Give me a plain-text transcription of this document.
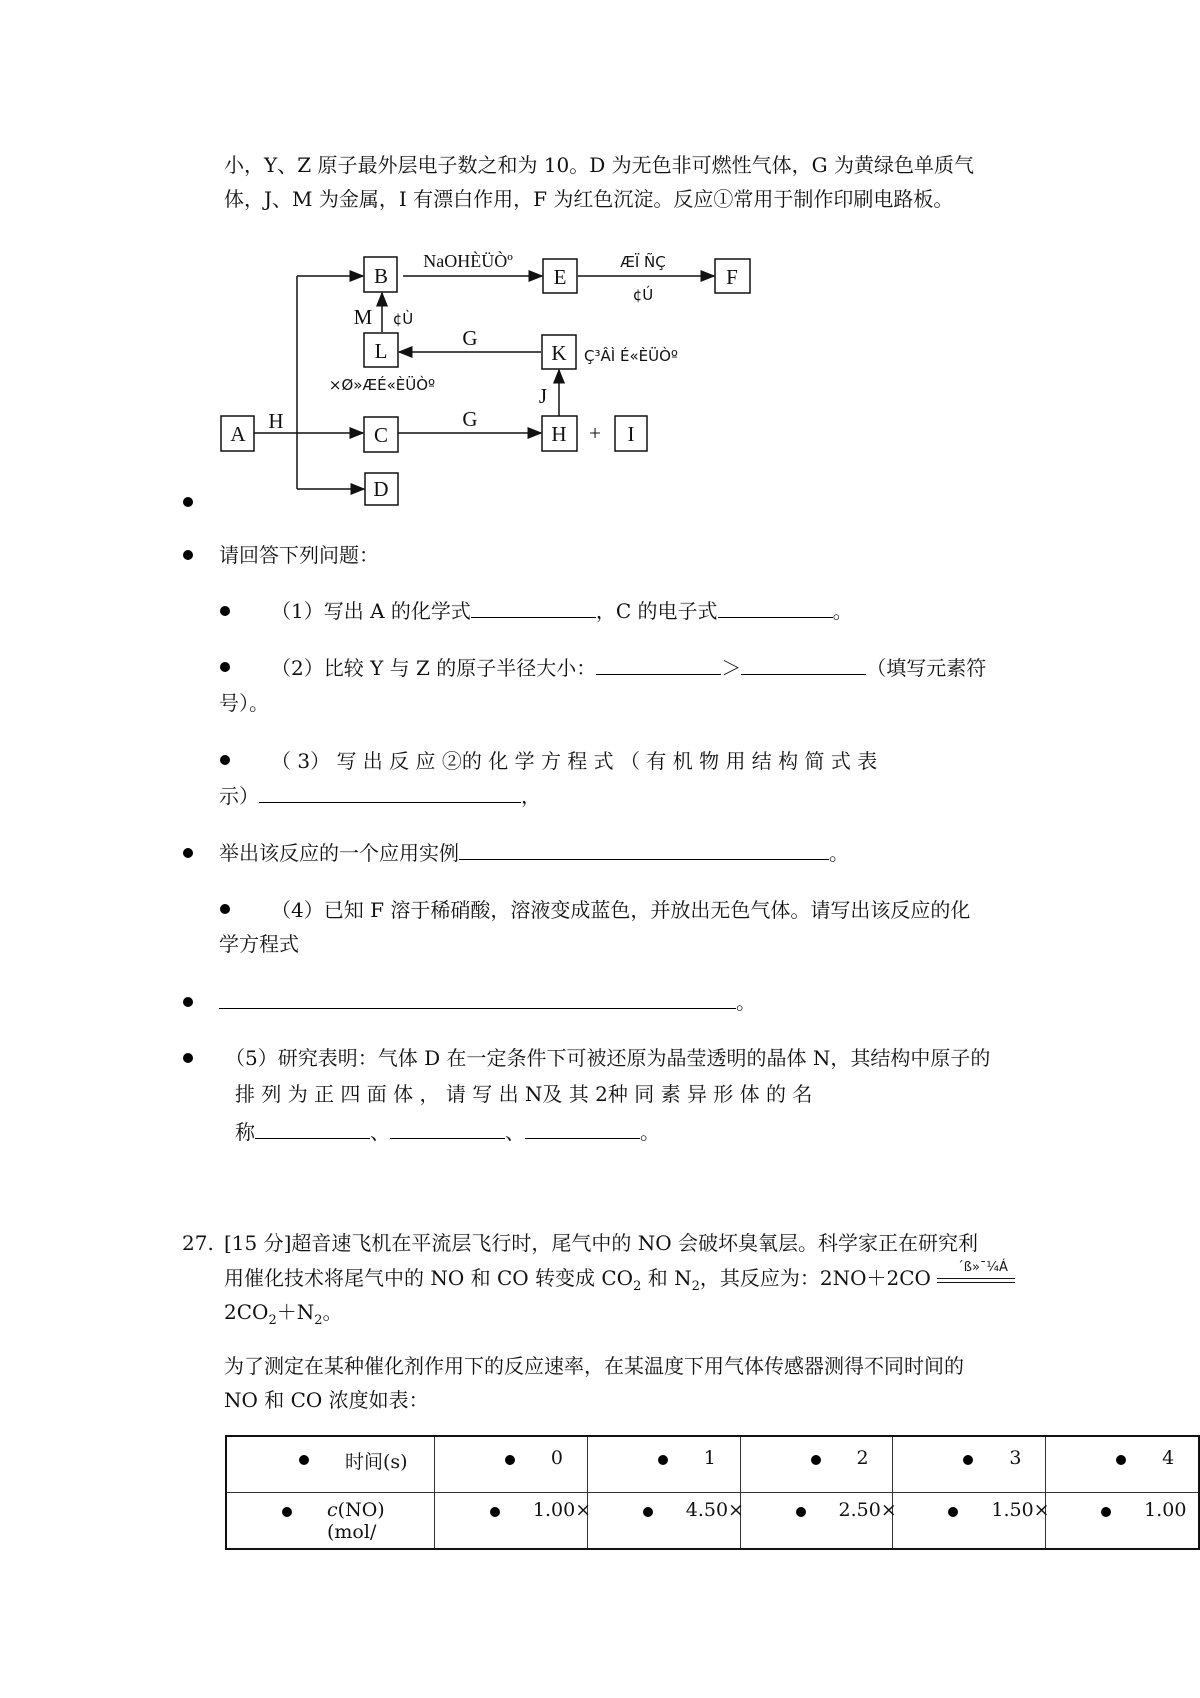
小，Y、Z 原子最外层电子数之和为 10。D 为无色非可燃性气体，G 为黄绿色单质气
体，J、M 为金属，I 有漂白作用，F 为红色沉淀。反应①常用于制作印刷电路板。
A
B
C
D
E	F
H	I
K
L
NaOHÈÜÒº	ÆÏ ÑÇ
¢Ú
M ¢Ù
G
Ç³ÂÌ É«ÈÜÒº
×Ø»ÆÉ«ÈÜÒº	J
H	G
+
请回答下列问题：
（1）写出 A 的化学式	，C 的电子式	。
（2）比较 Y 与 Z 的原子半径大小：	＞	（填写元素符
号）。
（ 3） 写 出 反 应 ②的 化 学 方 程 式 （ 有 机 物 用 结 构 简 式 表
示）	，
举出该反应的一个应用实例	。
（4）已知 F 溶于稀硝酸，溶液变成蓝色，并放出无色气体。请写出该反应的化
学方程式
。
（5）研究表明：气体 D 在一定条件下可被还原为晶莹透明的晶体 N，其结构中原子的
排 列 为 正 四 面 体 ， 请 写 出 N及 其 2种 同 素 异 形 体 的 名
称	、	、	。
27. [15 分]超音速飞机在平流层飞行时，尾气中的 NO 会破坏臭氧层。科学家正在研究利
用催化技术将尾气中的 NO 和 CO 转变成 $CO_2$ 和 $N_2$，其反应为：2NO＋2CO ´ß»¯¼Á
$2CO_2+N_2$。
为了测定在某种催化剂作用下的反应速率，在某温度下用气体传感器测得不同时间的
NO 和 CO 浓度如表：
时间(s)	0	1	2	3	4

c(NO)(mol/	1.00×	4.50×	2.50×	1.50×	1.00
